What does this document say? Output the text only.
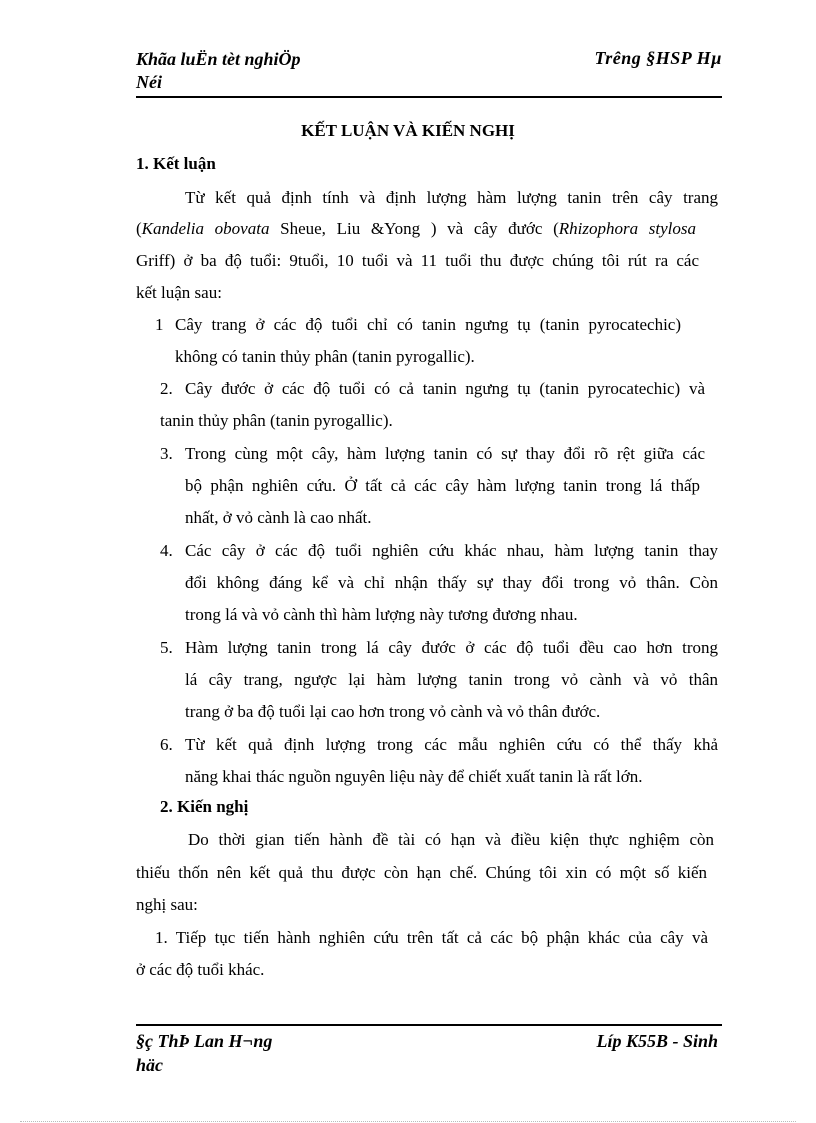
Khãa luËn tèt nghiÖp
Néi
Trêng §HSP Hµ
KẾT LUẬN VÀ KIẾN NGHỊ
1. Kết luận
Từ kết quả định tính và định lượng hàm lượng tanin trên cây trang
(Kandelia obovata Sheue, Liu &Yong ) và cây đước (Rhizophora stylosa
Griff) ở ba độ tuổi: 9tuổi, 10 tuổi và 11 tuổi thu được chúng tôi rút ra các
kết luận sau:
1 Cây trang ở các độ tuổi chỉ có tanin ngưng tụ (tanin pyrocatechic)
không có tanin thủy phân (tanin pyrogallic).
2. Cây đước ở các độ tuổi có cả tanin ngưng tụ (tanin pyrocatechic) và
tanin thủy phân (tanin pyrogallic).
3. Trong cùng một cây, hàm lượng tanin có sự thay đổi rõ rệt giữa các
bộ phận nghiên cứu. Ở tất cả các cây hàm lượng tanin trong lá thấp
nhất, ở vỏ cành là cao nhất.
4. Các cây ở các độ tuổi nghiên cứu khác nhau, hàm lượng tanin thay
đổi không đáng kể và chỉ nhận thấy sự thay đổi trong vỏ thân. Còn
trong lá và vỏ cành thì hàm lượng này tương đương nhau.
5. Hàm lượng tanin trong lá cây đước ở các độ tuổi đều cao hơn trong
lá cây trang, ngược lại hàm lượng tanin trong vỏ cành và vỏ thân
trang ở ba độ tuổi lại cao hơn trong vỏ cành và vỏ thân đước.
6. Từ kết quả định lượng trong các mẫu nghiên cứu có thể thấy khả
năng khai thác nguồn nguyên liệu này để chiết xuất tanin là rất lớn.
2. Kiến nghị
Do thời gian tiến hành đề tài có hạn và điều kiện thực nghiệm còn
thiếu thốn nên kết quả thu được còn hạn chế. Chúng tôi xin có một số kiến
nghị sau:
1. Tiếp tục tiến hành nghiên cứu trên tất cả các bộ phận khác của cây và
ở các độ tuổi khác.
§ç ThÞ Lan H¬ng
häc
Líp K55B - Sinh
